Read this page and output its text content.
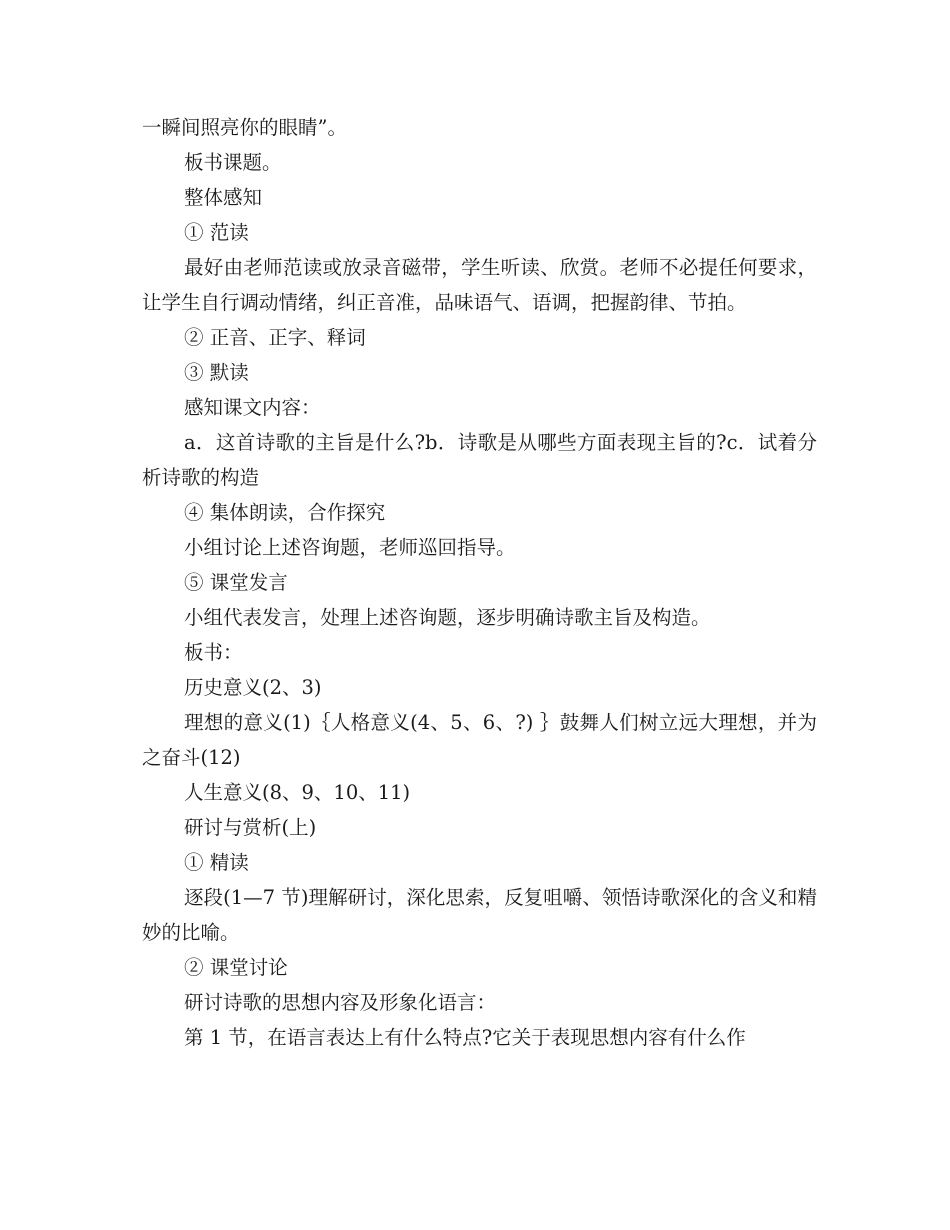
一瞬间照亮你的眼睛”。

板书课题。

整体感知

① 范读

最好由老师范读或放录音磁带，学生听读、欣赏。老师不必提任何要求，让学生自行调动情绪，纠正音准，品味语气、语调，把握韵律、节拍。

② 正音、正字、释词

③ 默读

感知课文内容：

a．这首诗歌的主旨是什么?b．诗歌是从哪些方面表现主旨的?c．试着分析诗歌的构造

④ 集体朗读，合作探究

小组讨论上述咨询题，老师巡回指导。

⑤ 课堂发言

小组代表发言，处理上述咨询题，逐步明确诗歌主旨及构造。

板书：

历史意义(2、3)

理想的意义(1)｛人格意义(4、5、6、?) ｝鼓舞人们树立远大理想，并为之奋斗(12)

人生意义(8、9、10、11)

研讨与赏析(上)

① 精读

逐段(1—7 节)理解研讨，深化思索，反复咀嚼、领悟诗歌深化的含义和精妙的比喻。

② 课堂讨论

研讨诗歌的思想内容及形象化语言：

第 1 节，在语言表达上有什么特点?它关于表现思想内容有什么作
